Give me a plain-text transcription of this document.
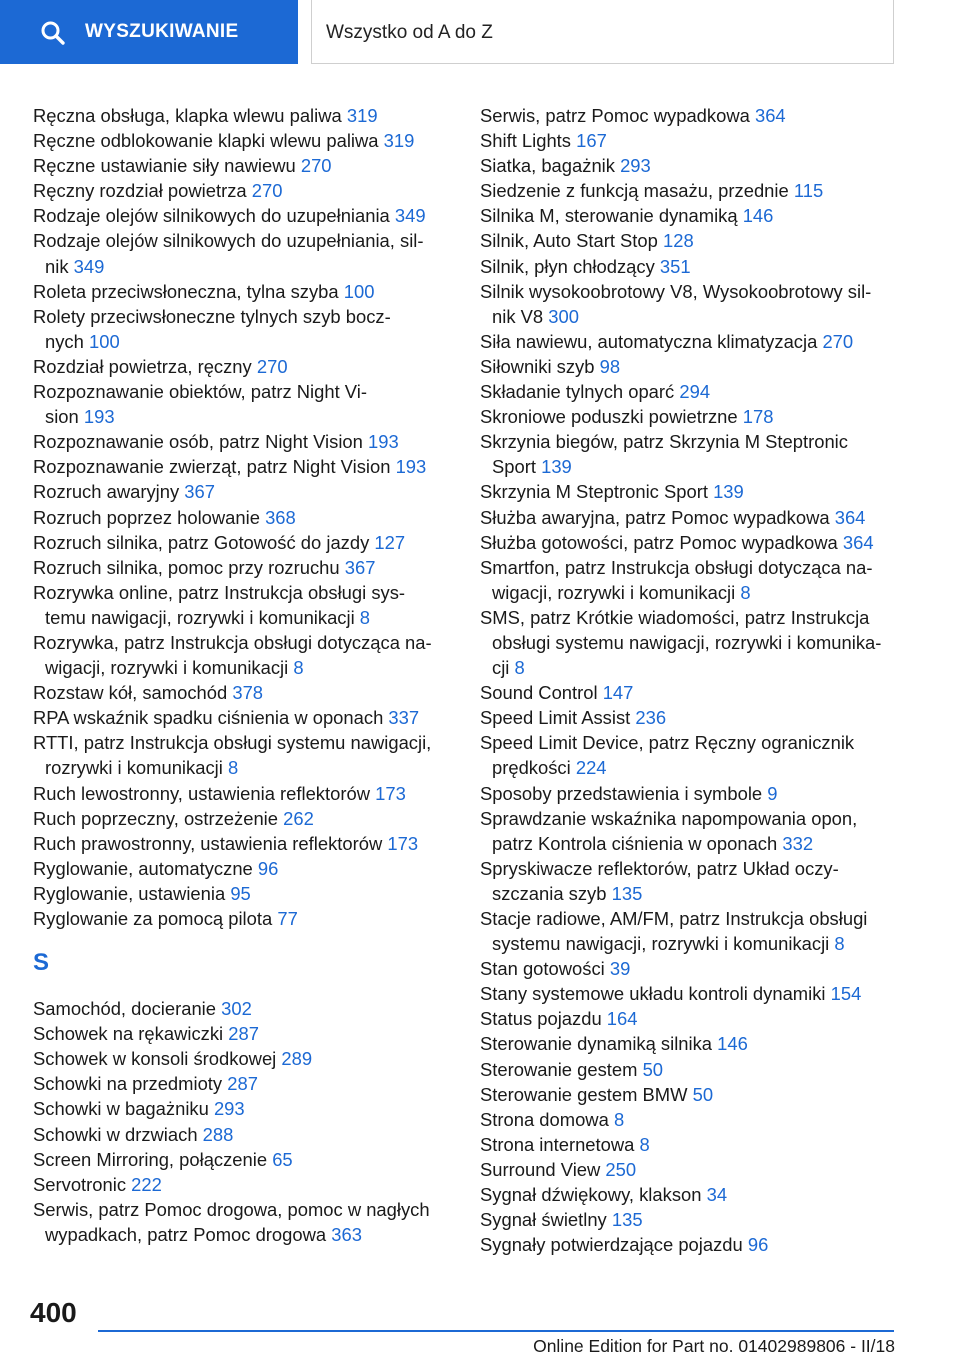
WYSZUKIWANIE	Wszystko od A do Z
Ręczna obsługa, klapka wlewu paliwa 319
Ręczne odblokowanie klapki wlewu paliwa 319
Ręczne ustawianie siły nawiewu 270
Ręczny rozdział powietrza 270
Rodzaje olejów silnikowych do uzupełniania 349
Rodzaje olejów silnikowych do uzupełniania, sil-
nik 349
Roleta przeciwsłoneczna, tylna szyba 100
Rolety przeciwsłoneczne tylnych szyb bocz-
nych 100
Rozdział powietrza, ręczny 270
Rozpoznawanie obiektów, patrz Night Vi-
sion 193
Rozpoznawanie osób, patrz Night Vision 193
Rozpoznawanie zwierząt, patrz Night Vision 193
Rozruch awaryjny 367
Rozruch poprzez holowanie 368
Rozruch silnika, patrz Gotowość do jazdy 127
Rozruch silnika, pomoc przy rozruchu 367
Rozrywka online, patrz Instrukcja obsługi sys-
temu nawigacji, rozrywki i komunikacji 8
Rozrywka, patrz Instrukcja obsługi dotycząca na-
wigacji, rozrywki i komunikacji 8
Rozstaw kół, samochód 378
RPA wskaźnik spadku ciśnienia w oponach 337
RTTI, patrz Instrukcja obsługi systemu nawigacji,
rozrywki i komunikacji 8
Ruch lewostronny, ustawienia reflektorów 173
Ruch poprzeczny, ostrzeżenie 262
Ruch prawostronny, ustawienia reflektorów 173
Ryglowanie, automatyczne 96
Ryglowanie, ustawienia 95
Ryglowanie za pomocą pilota 77
S
Samochód, docieranie 302
Schowek na rękawiczki 287
Schowek w konsoli środkowej 289
Schowki na przedmioty 287
Schowki w bagażniku 293
Schowki w drzwiach 288
Screen Mirroring, połączenie 65
Servotronic 222
Serwis, patrz Pomoc drogowa, pomoc w nagłych
wypadkach, patrz Pomoc drogowa 363
Serwis, patrz Pomoc wypadkowa 364
Shift Lights 167
Siatka, bagażnik 293
Siedzenie z funkcją masażu, przednie 115
Silnika M, sterowanie dynamiką 146
Silnik, Auto Start Stop 128
Silnik, płyn chłodzący 351
Silnik wysokoobrotowy V8, Wysokoobrotowy sil-
nik V8 300
Siła nawiewu, automatyczna klimatyzacja 270
Siłowniki szyb 98
Składanie tylnych oparć 294
Skroniowe poduszki powietrzne 178
Skrzynia biegów, patrz Skrzynia M Steptronic
Sport 139
Skrzynia M Steptronic Sport 139
Służba awaryjna, patrz Pomoc wypadkowa 364
Służba gotowości, patrz Pomoc wypadkowa 364
Smartfon, patrz Instrukcja obsługi dotycząca na-
wigacji, rozrywki i komunikacji 8
SMS, patrz Krótkie wiadomości, patrz Instrukcja
obsługi systemu nawigacji, rozrywki i komunika-
cji 8
Sound Control 147
Speed Limit Assist 236
Speed Limit Device, patrz Ręczny ogranicznik
prędkości 224
Sposoby przedstawienia i symbole 9
Sprawdzanie wskaźnika napompowania opon,
patrz Kontrola ciśnienia w oponach 332
Spryskiwacze reflektorów, patrz Układ oczy-
szczania szyb 135
Stacje radiowe, AM/FM, patrz Instrukcja obsługi
systemu nawigacji, rozrywki i komunikacji 8
Stan gotowości 39
Stany systemowe układu kontroli dynamiki 154
Status pojazdu 164
Sterowanie dynamiką silnika 146
Sterowanie gestem 50
Sterowanie gestem BMW 50
Strona domowa 8
Strona internetowa 8
Surround View 250
Sygnał dźwiękowy, klakson 34
Sygnał świetlny 135
Sygnały potwierdzające pojazdu 96
400
Online Edition for Part no. 01402989806 - II/18
